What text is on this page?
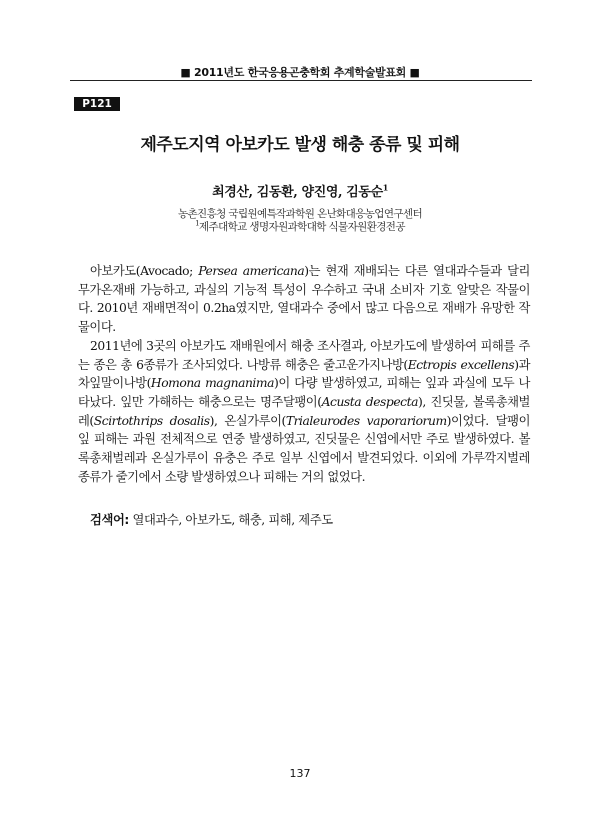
■ 2011년도 한국응용곤충학회 추계학술발표회 ■
P121
제주도지역 아보카도 발생 해충 종류 및 피해
최경산, 김동환, 양진영, 김동순$^1$
농촌진흥청 국립원예특작과학원 온난화대응농업연구센터
$^1$제주대학교 생명자원과학대학 식물자원환경전공

아보카도(Avocado; Persea americana)는 현재 재배되는 다른 열대과수들과 달리 무가온재배 가능하고, 과실의 기능적 특성이 우수하고 국내 소비자 기호 알맞은 작물이다. 2010년 재배면적이 0.2ha였지만, 열대과수 중에서 많고 다음으로 재배가 유망한 작물이다.

2011년에 3곳의 아보카도 재배원에서 해충 조사결과, 아보카도에 발생하여 피해를 주는 종은 총 6종류가 조사되었다. 나방류 해충은 줄고운가지나방(Ectropis excellens)과 차잎말이나방(Homona magnanima)이 다량 발생하였고, 피해는 잎과 과실에 모두 나타났다. 잎만 가해하는 해충으로는 명주달팽이(Acusta despecta), 진딧물, 볼록총채벌레(Scirtothrips dosalis), 온실가루이(Trialeurodes vaporariorum)이었다. 달팽이 잎 피해는 과원 전체적으로 연중 발생하였고, 진딧물은 신엽에서만 주로 발생하였다. 볼록총채벌레과 온실가루이 유충은 주로 일부 신엽에서 발견되었다. 이외에 가루깍지벌레 종류가 줄기에서 소량 발생하였으나 피해는 거의 없었다.

검색어: 열대과수, 아보카도, 해충, 피해, 제주도
137
